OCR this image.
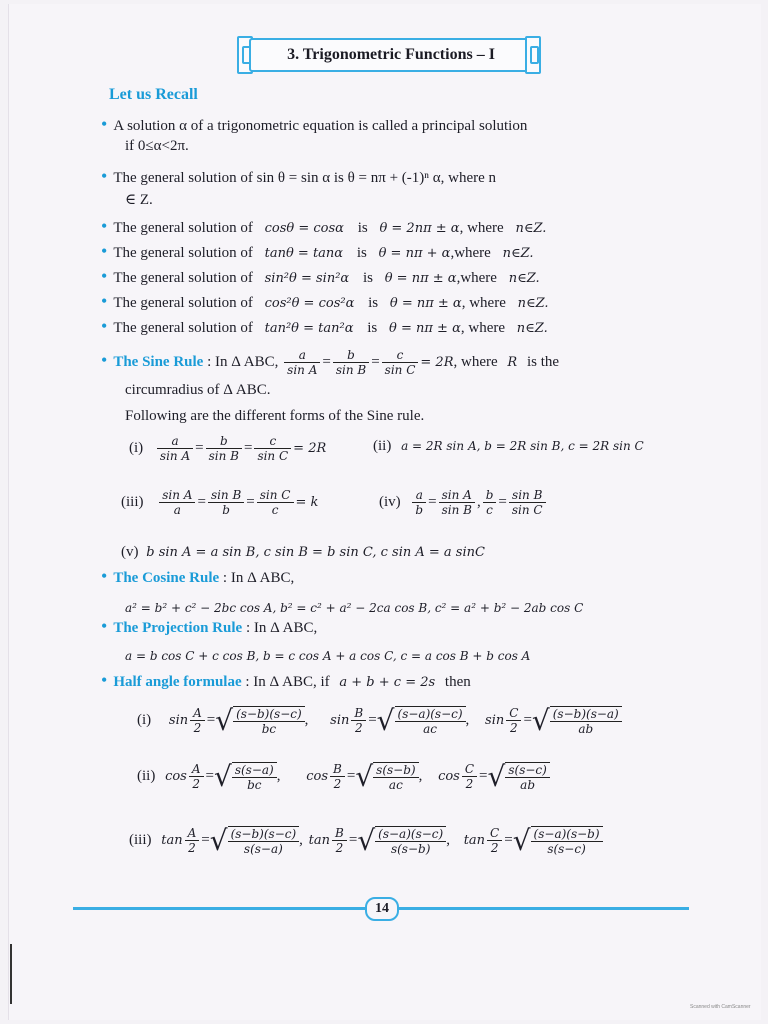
3. Trigonometric Functions – I
Let us Recall
• A solution α of a trigonometric equation is called a principal solution
if 0≤α<2π.
• The general solution of sin θ = sin α is θ = nπ + (-1)ⁿ α, where n
∈ Z.
• The general solution of cosθ = cosα is θ = 2nπ ± α, where n∈Z.
• The general solution of tanθ = tanα is θ = nπ + α,where n∈Z.
• The general solution of sin²θ = sin²α is θ = nπ ± α,where n∈Z.
• The general solution of cos²θ = cos²α is θ = nπ ± α, where n∈Z.
• The general solution of tan²θ = tan²α is θ = nπ ± α, where n∈Z.
• The Sine Rule : In Δ ABC, $\frac{a}{\text{sin A}} = \frac{b}{\text{sin B}} = \frac{c}{\text{sin C}} = 2R$, where R is the
circumradius of Δ ABC.
Following are the different forms of the Sine rule.
$(i) \frac{a}{\text{sin A}} = \frac{b}{\text{sin B}} = \frac{c}{\text{sin C}} = 2R$	(ii) a = 2R sin A, b = 2R sin B, c = 2R sin C
$(iii) \frac{\text{sin A}}{a} = \frac{\text{sin B}}{b} = \frac{\text{sin C}}{c} = k$	$(iv) \frac{a}{b} = \frac{\text{sin A}}{\text{sin B}}$ , $\frac{b}{c} = \frac{\text{sin B}}{\text{sin C}}$
(v) b sin A = a sin B, c sin B = b sin C, c sin A = a sinC
• The Cosine Rule : In Δ ABC,
a² = b² + c² − 2bc cos A, b² = c² + a² − 2ca cos B, c² = a² + b² − 2ab cos C
• The Projection Rule : In Δ ABC,
a = b cos C + c cos B, b = c cos A + a cos C, c = a cos B + b cos A
• Half angle formulae : In Δ ABC, if a + b + c = 2s then
(i) $\sin \frac{A}{2}$ =√ $\frac{(s-b)(s-c)}{bc}$ , $\sin \frac{B}{2}$ =√ $\frac{(s-a)(s-c)}{ac}$ , $\sin \frac{C}{2}$ =√ $\frac{(s-b)(s-a)}{ab}$
(ii) $\cos \frac{A}{2}$ =√ $\frac{s(s-a)}{bc}$ , $\cos \frac{B}{2}$ =√ $\frac{s(s-b)}{ac}$ , $\cos \frac{C}{2}$ =√ $\frac{s(s-c)}{ab}$
(iii) $\tan \frac{A}{2}$ =√ $\frac{(s-b)(s-c)}{s(s-a)}$ , $\tan \frac{B}{2}$ =√ $\frac{(s-a)(s-c)}{s(s-b)}$ , $\tan \frac{C}{2}$ =√ $\frac{(s-a)(s-b)}{s(s-c)}$
14
Scanned with CamScanner
